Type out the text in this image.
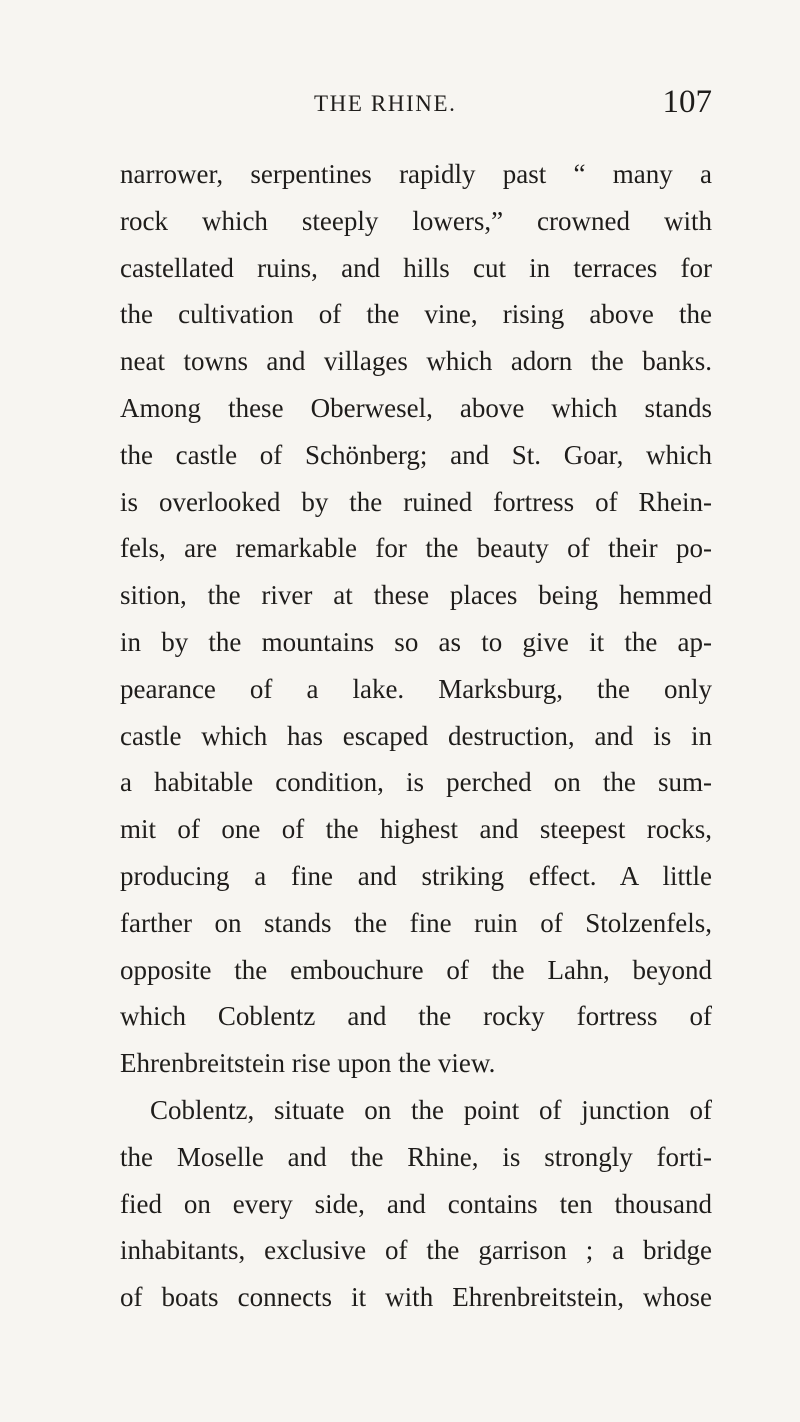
THE RHINE.	107
narrower, serpentines rapidly past “ many a
rock which steeply lowers,” crowned with
castellated ruins, and hills cut in terraces for
the cultivation of the vine, rising above the
neat towns and villages which adorn the banks.
Among these Oberwesel, above which stands
the castle of Schönberg; and St. Goar, which
is overlooked by the ruined fortress of Rhein-
fels, are remarkable for the beauty of their po-
sition, the river at these places being hemmed
in by the mountains so as to give it the ap-
pearance of a lake. Marksburg, the only
castle which has escaped destruction, and is in
a habitable condition, is perched on the sum-
mit of one of the highest and steepest rocks,
producing a fine and striking effect. A little
farther on stands the fine ruin of Stolzenfels,
opposite the embouchure of the Lahn, beyond
which Coblentz and the rocky fortress of
Ehrenbreitstein rise upon the view.
Coblentz, situate on the point of junction of
the Moselle and the Rhine, is strongly forti-
fied on every side, and contains ten thousand
inhabitants, exclusive of the garrison ; a bridge
of boats connects it with Ehrenbreitstein, whose
